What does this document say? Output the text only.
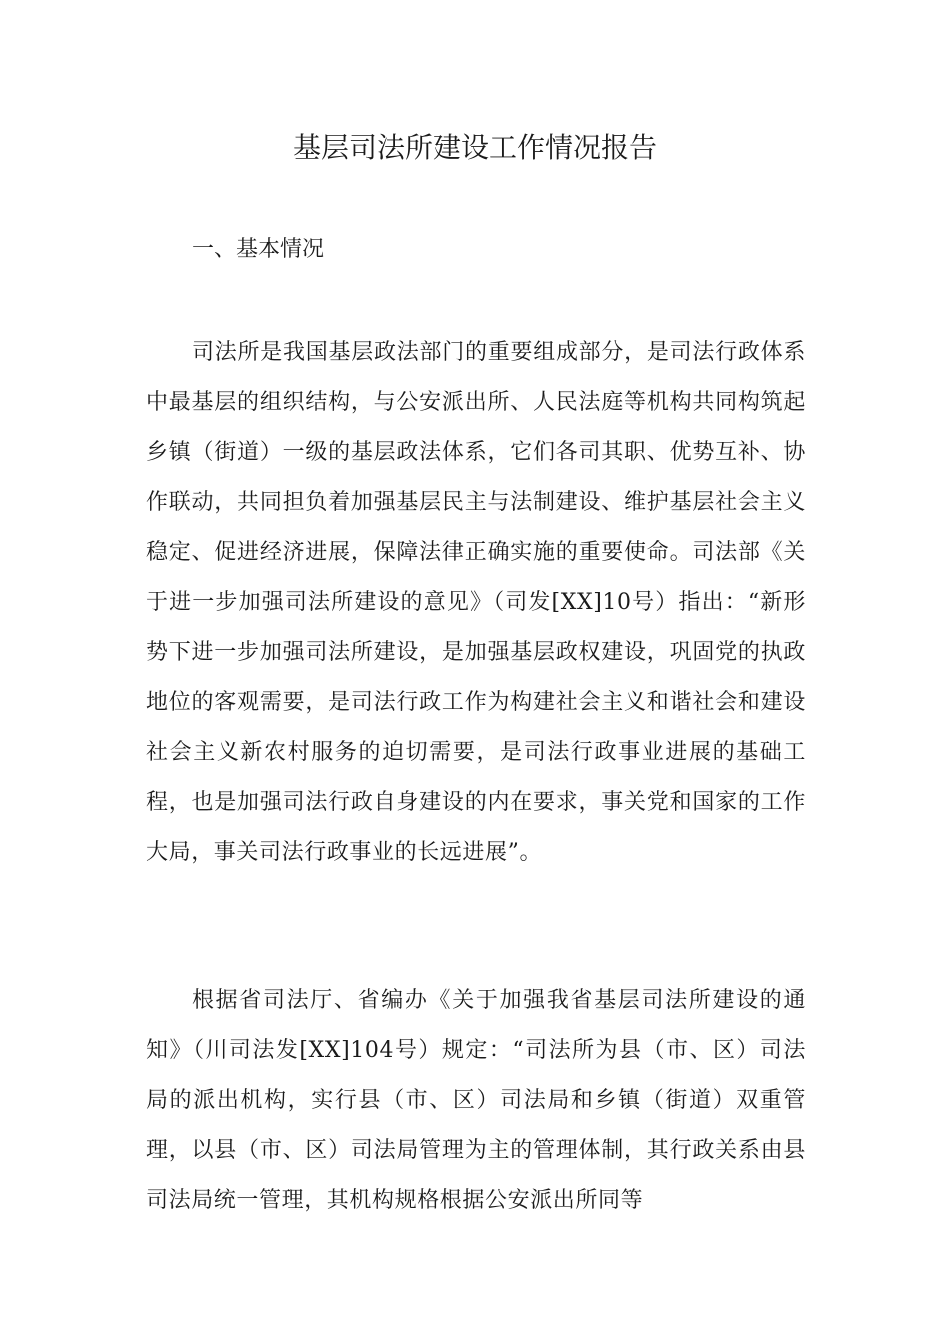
基层司法所建设工作情况报告
一、基本情况

司法所是我国基层政法部门的重要组成部分，是司法行政体系中最基层的组织结构，与公安派出所、人民法庭等机构共同构筑起乡镇（街道）一级的基层政法体系，它们各司其职、优势互补、协作联动，共同担负着加强基层民主与法制建设、维护基层社会主义稳定、促进经济进展，保障法律正确实施的重要使命。司法部《关于进一步加强司法所建设的意见》（司发[XX]10号）指出：“新形势下进一步加强司法所建设，是加强基层政权建设，巩固党的执政地位的客观需要，是司法行政工作为构建社会主义和谐社会和建设社会主义新农村服务的迫切需要，是司法行政事业进展的基础工程，也是加强司法行政自身建设的内在要求，事关党和国家的工作大局，事关司法行政事业的长远进展”。

根据省司法厅、省编办《关于加强我省基层司法所建设的通知》（川司法发[XX]104号）规定：“司法所为县（市、区）司法局的派出机构，实行县（市、区）司法局和乡镇（街道）双重管理，以县（市、区）司法局管理为主的管理体制，其行政关系由县司法局统一管理，其机构规格根据公安派出所同等
